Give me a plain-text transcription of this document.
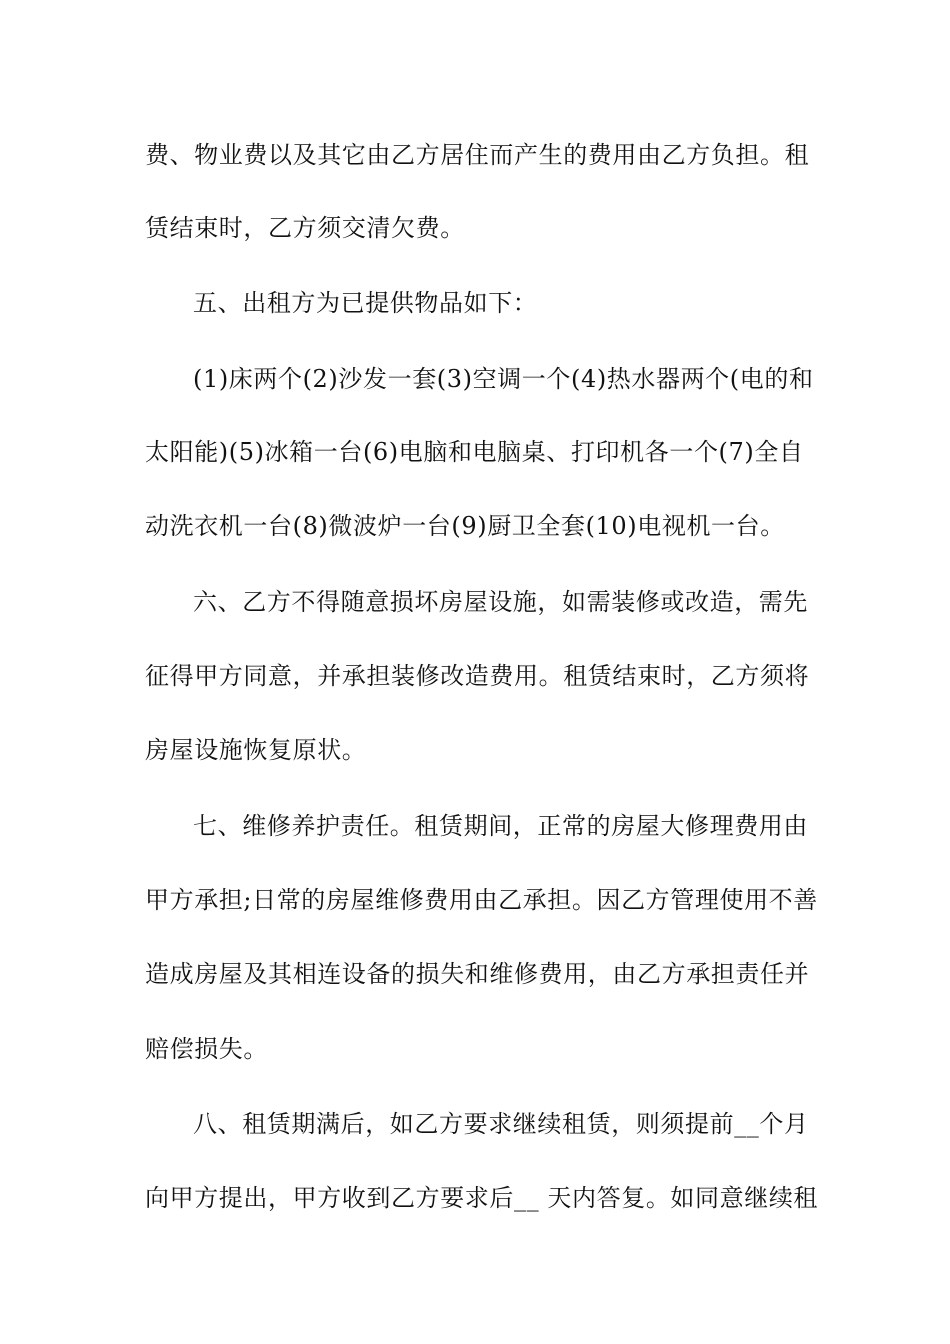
费、物业费以及其它由乙方居住而产生的费用由乙方负担。租
赁结束时，乙方须交清欠费。
五、出租方为已提供物品如下：
(1)床两个(2)沙发一套(3)空调一个(4)热水器两个(电的和
太阳能)(5)冰箱一台(6)电脑和电脑桌、打印机各一个(7)全自
动洗衣机一台(8)微波炉一台(9)厨卫全套(10)电视机一台。
六、乙方不得随意损坏房屋设施，如需装修或改造，需先
征得甲方同意，并承担装修改造费用。租赁结束时，乙方须将
房屋设施恢复原状。
七、维修养护责任。租赁期间，正常的房屋大修理费用由
甲方承担;日常的房屋维修费用由乙承担。因乙方管理使用不善
造成房屋及其相连设备的损失和维修费用，由乙方承担责任并
赔偿损失。
八、租赁期满后，如乙方要求继续租赁，则须提前__个月
向甲方提出，甲方收到乙方要求后__ 天内答复。如同意继续租
